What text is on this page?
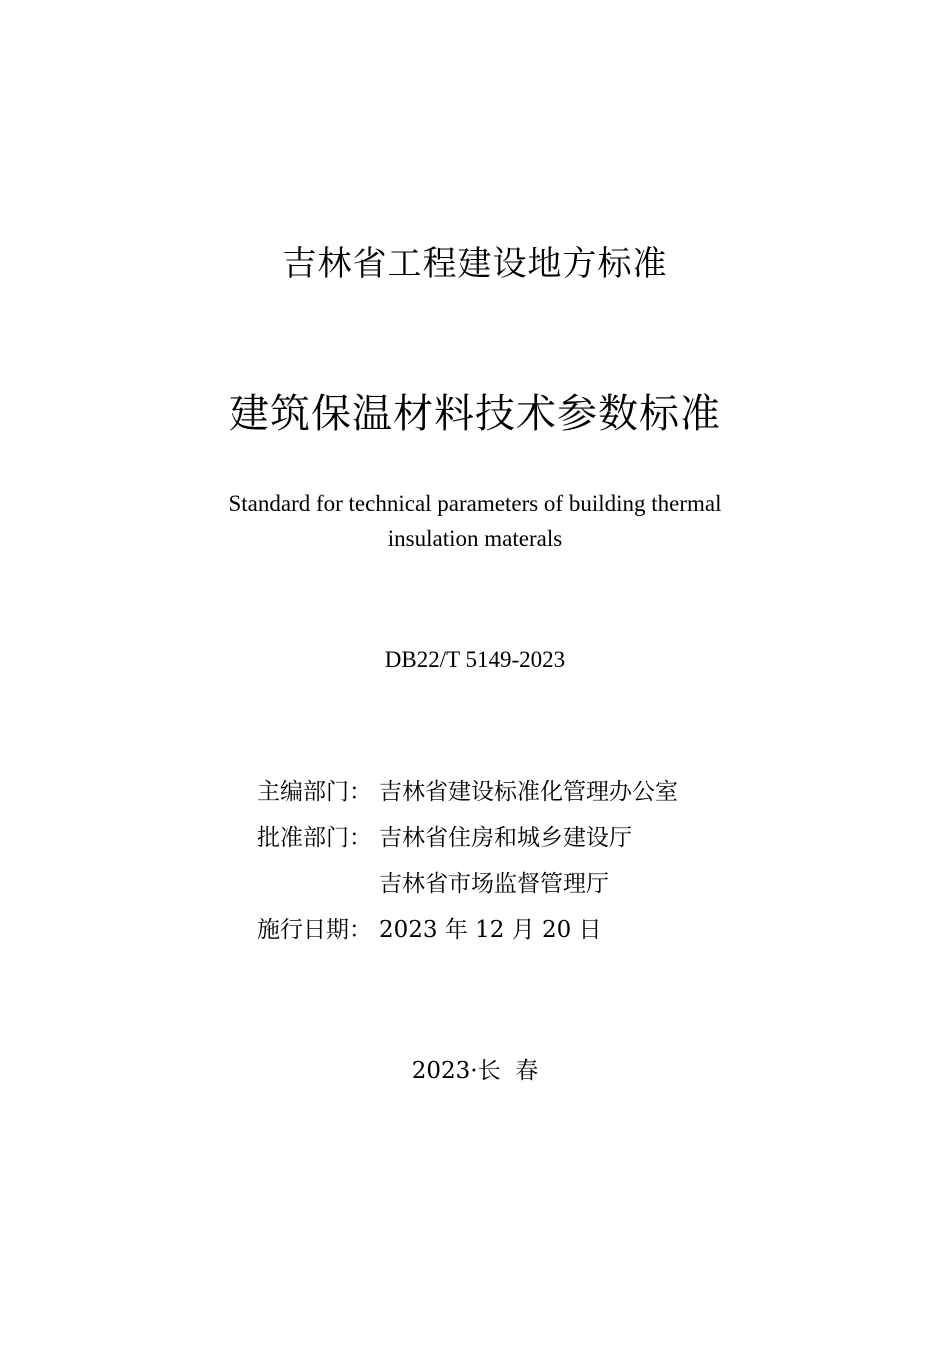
吉林省工程建设地方标准
建筑保温材料技术参数标准
Standard for technical parameters of building thermal
insulation materals
DB22/T 5149-2023
主编部门： 吉林省建设标准化管理办公室
批准部门： 吉林省住房和城乡建设厅
吉林省市场监督管理厅
施行日期： 2023 年 12 月 20 日
2023·长  春
